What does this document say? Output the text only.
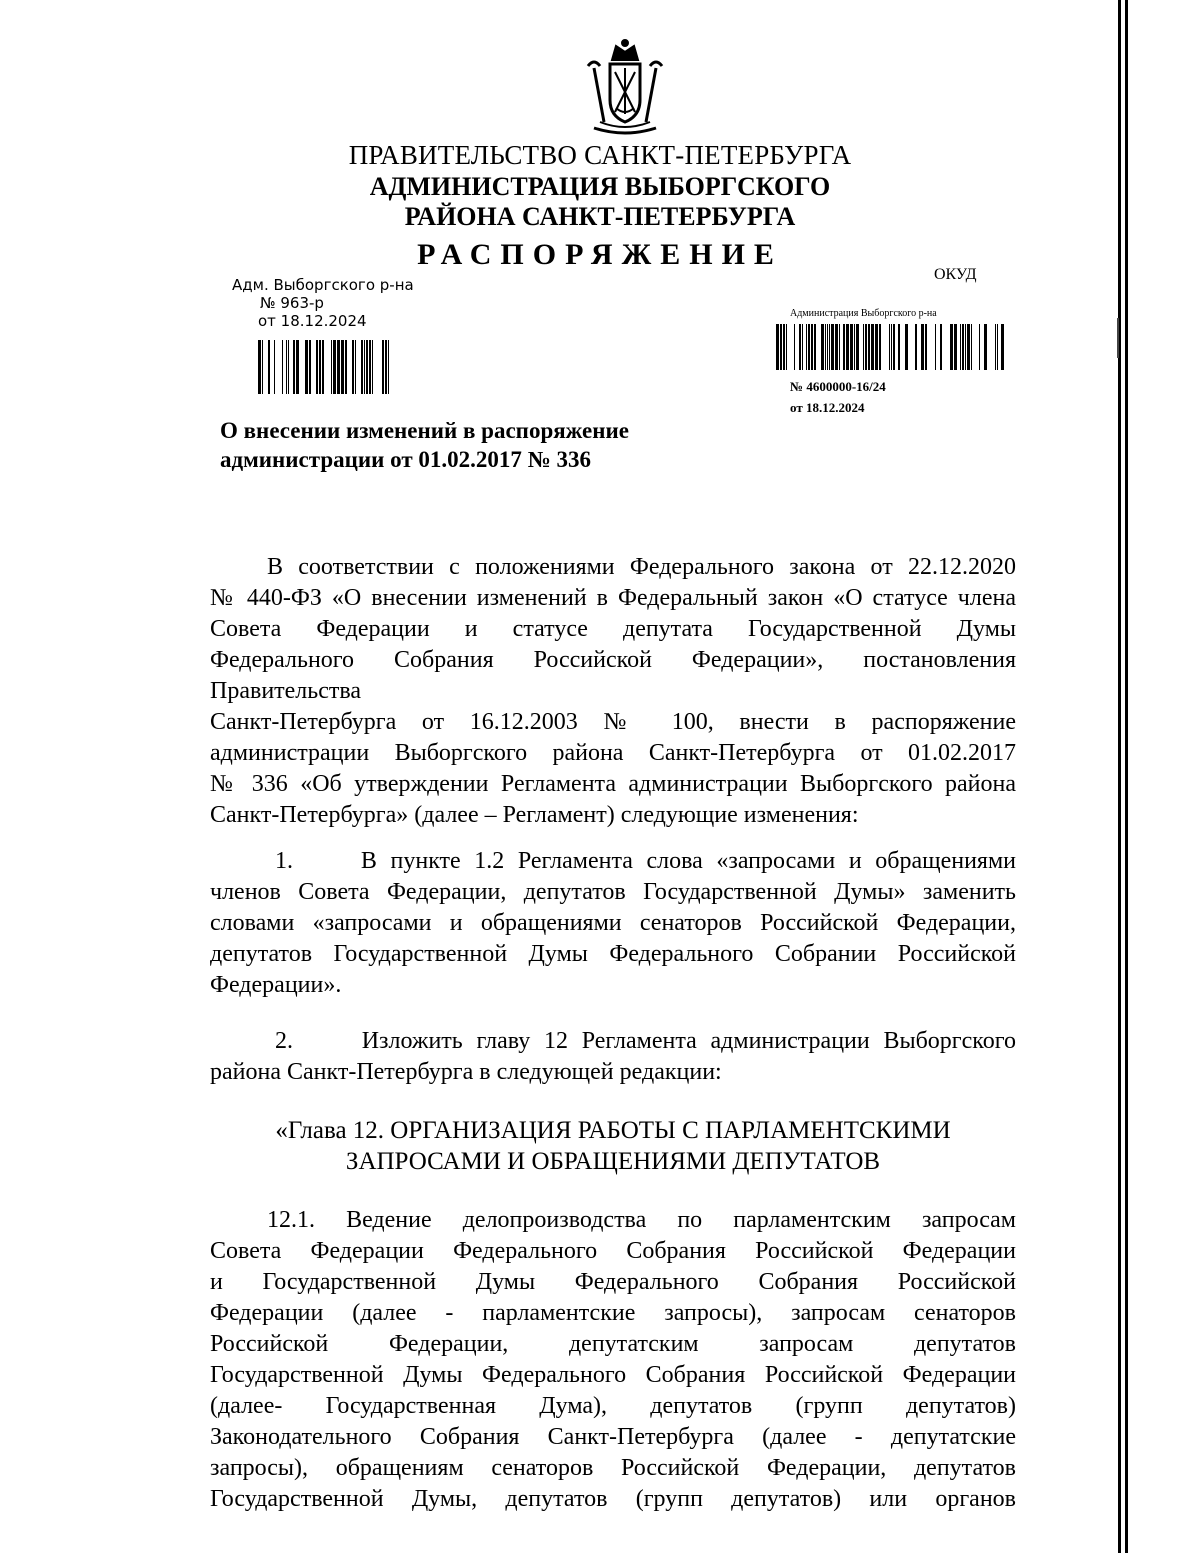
ПРАВИТЕЛЬСТВО САНКТ-ПЕТЕРБУРГА
АДМИНИСТРАЦИЯ ВЫБОРГСКОГО
РАЙОНА САНКТ-ПЕТЕРБУРГА
РАСПОРЯЖЕНИЕ
ОКУД
Адм. Выборгского р-на
№ 963-р
от 18.12.2024	Администрация Выборгского р-на
№ 4600000-16/24
от 18.12.2024
О внесении изменений в распоряжение
администрации от 01.02.2017 № 336
В соответствии с положениями Федерального закона от 22.12.2020
№ 440-ФЗ «О внесении изменений в Федеральный закон «О статусе члена
Совета Федерации и статусе депутата Государственной Думы
Федерального Собрания Российской Федерации», постановления
Правительства
Санкт-Петербурга от 16.12.2003 № 100, внести в распоряжение
администрации Выборгского района Санкт-Петербурга от 01.02.2017
№ 336 «Об утверждении Регламента администрации Выборгского района
Санкт-Петербурга» (далее – Регламент) следующие изменения:
1.     В пункте 1.2 Регламента слова «запросами и обращениями
членов Совета Федерации, депутатов Государственной Думы» заменить
словами «запросами и обращениями сенаторов Российской Федерации,
депутатов Государственной Думы Федерального Собрании Российской
Федерации».
2.     Изложить главу 12 Регламента администрации Выборгского
района Санкт-Петербурга в следующей редакции:
«Глава 12. ОРГАНИЗАЦИЯ РАБОТЫ С ПАРЛАМЕНТСКИМИ
ЗАПРОСАМИ И ОБРАЩЕНИЯМИ ДЕПУТАТОВ
12.1. Ведение делопроизводства по парламентским запросам
Совета Федерации Федерального Собрания Российской Федерации
и Государственной Думы Федерального Собрания Российской
Федерации (далее - парламентские запросы), запросам сенаторов
Российской Федерации, депутатским запросам депутатов
Государственной Думы Федерального Собрания Российской Федерации
(далее- Государственная Дума), депутатов (групп депутатов)
Законодательного Собрания Санкт-Петербурга (далее - депутатские
запросы), обращениям сенаторов Российской Федерации, депутатов
Государственной Думы, депутатов (групп депутатов) или органов
